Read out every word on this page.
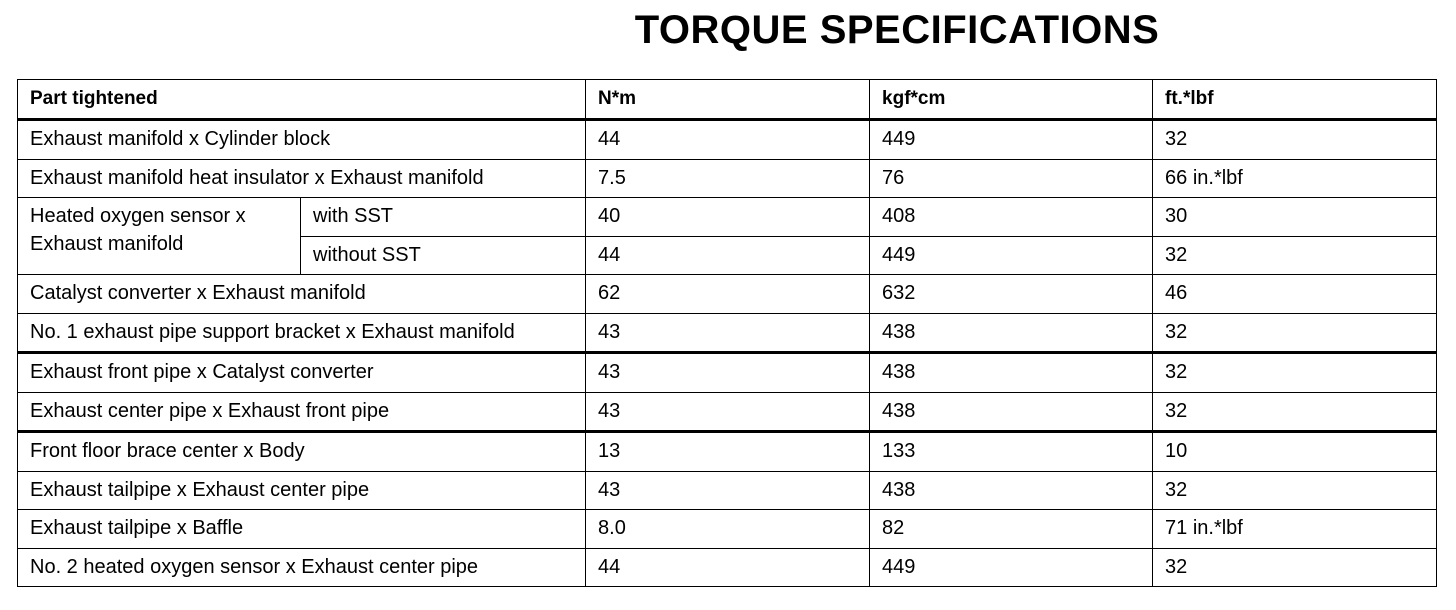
TORQUE SPECIFICATIONS
Part tightened		N*m	kgf*cm	ft.*lbf
Exhaust manifold x Cylinder block		44	449	32
Exhaust manifold heat insulator x Exhaust manifold		7.5	76	66 in.*lbf
Heated oxygen sensor x Exhaust manifold	with SST	40	408	30
	without SST	44	449	32
Catalyst converter x Exhaust manifold		62	632	46
No. 1 exhaust pipe support bracket x Exhaust manifold		43	438	32
Exhaust front pipe x Catalyst converter		43	438	32
Exhaust center pipe x Exhaust front pipe		43	438	32
Front floor brace center x Body		13	133	10
Exhaust tailpipe x Exhaust center pipe		43	438	32
Exhaust tailpipe x Baffle		8.0	82	71 in.*lbf
No. 2 heated oxygen sensor x Exhaust center pipe		44	449	32
